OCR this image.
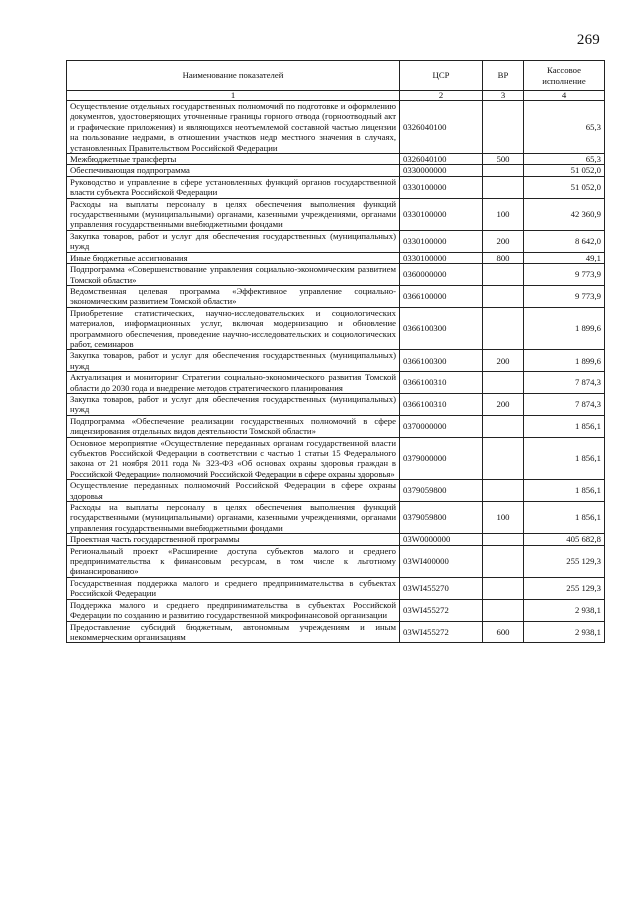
269
Наименование показателей	ЦСР	ВР	Кассовое исполнение
1	2	3	4
Осуществление отдельных государственных полномочий по подготовке и оформлению документов, удостоверяющих уточненные границы горного отвода (горноотводный акт и графические приложения) и являющихся неотъемлемой составной частью лицензии на пользование недрами, в отношении участков недр местного значения в случаях, установленных Правительством Российской Федерации	0326040100		65,3
Межбюджетные трансферты	0326040100	500	65,3
Обеспечивающая подпрограмма	0330000000		51 052,0
Руководство и управление в сфере установленных функций органов государственной власти субъекта Российской Федерации	0330100000		51 052,0
Расходы на выплаты персоналу в целях обеспечения выполнения функций государственными (муниципальными) органами, казенными учреждениями, органами управления государственными внебюджетными фондами	0330100000	100	42 360,9
Закупка товаров, работ и услуг для обеспечения государственных (муниципальных) нужд	0330100000	200	8 642,0
Иные бюджетные ассигнования	0330100000	800	49,1
Подпрограмма «Совершенствование управления социально-экономическим развитием Томской области»	0360000000		9 773,9
Ведомственная целевая программа «Эффективное управление социально-экономическим развитием Томской области»	0366100000		9 773,9
Приобретение статистических, научно-исследовательских и социологических материалов, информационных услуг, включая модернизацию и обновление программного обеспечения, проведение научно-исследовательских и социологических работ, семинаров	0366100300		1 899,6
Закупка товаров, работ и услуг для обеспечения государственных (муниципальных) нужд	0366100300	200	1 899,6
Актуализация и мониторинг Стратегии социально-экономического развития Томской области до 2030 года и внедрение методов стратегического планирования	0366100310		7 874,3
Закупка товаров, работ и услуг для обеспечения государственных (муниципальных) нужд	0366100310	200	7 874,3
Подпрограмма «Обеспечение реализации государственных полномочий в сфере лицензирования отдельных видов деятельности Томской области»	0370000000		1 856,1
Основное мероприятие «Осуществление переданных органам государственной власти субъектов Российской Федерации в соответствии с частью 1 статьи 15 Федерального закона от 21 ноября 2011 года № 323-ФЗ «Об основах охраны здоровья граждан в Российской Федерации» полномочий Российской Федерации в сфере охраны здоровья»	0379000000		1 856,1
Осуществление переданных полномочий Российской Федерации в сфере охраны здоровья	0379059800		1 856,1
Расходы на выплаты персоналу в целях обеспечения выполнения функций государственными (муниципальными) органами, казенными учреждениями, органами управления государственными внебюджетными фондами	0379059800	100	1 856,1
Проектная часть государственной программы	03W0000000		405 682,8
Региональный проект «Расширение доступа субъектов малого и среднего предпринимательства к финансовым ресурсам, в том числе к льготному финансированию»	03WI400000		255 129,3
Государственная поддержка малого и среднего предпринимательства в субъектах Российской Федерации	03WI455270		255 129,3
Поддержка малого и среднего предпринимательства в субъектах Российской Федерации по созданию и развитию государственной микрофинансовой организации	03WI455272		2 938,1
Предоставление субсидий бюджетным, автономным учреждениям и иным некоммерческим организациям	03WI455272	600	2 938,1
